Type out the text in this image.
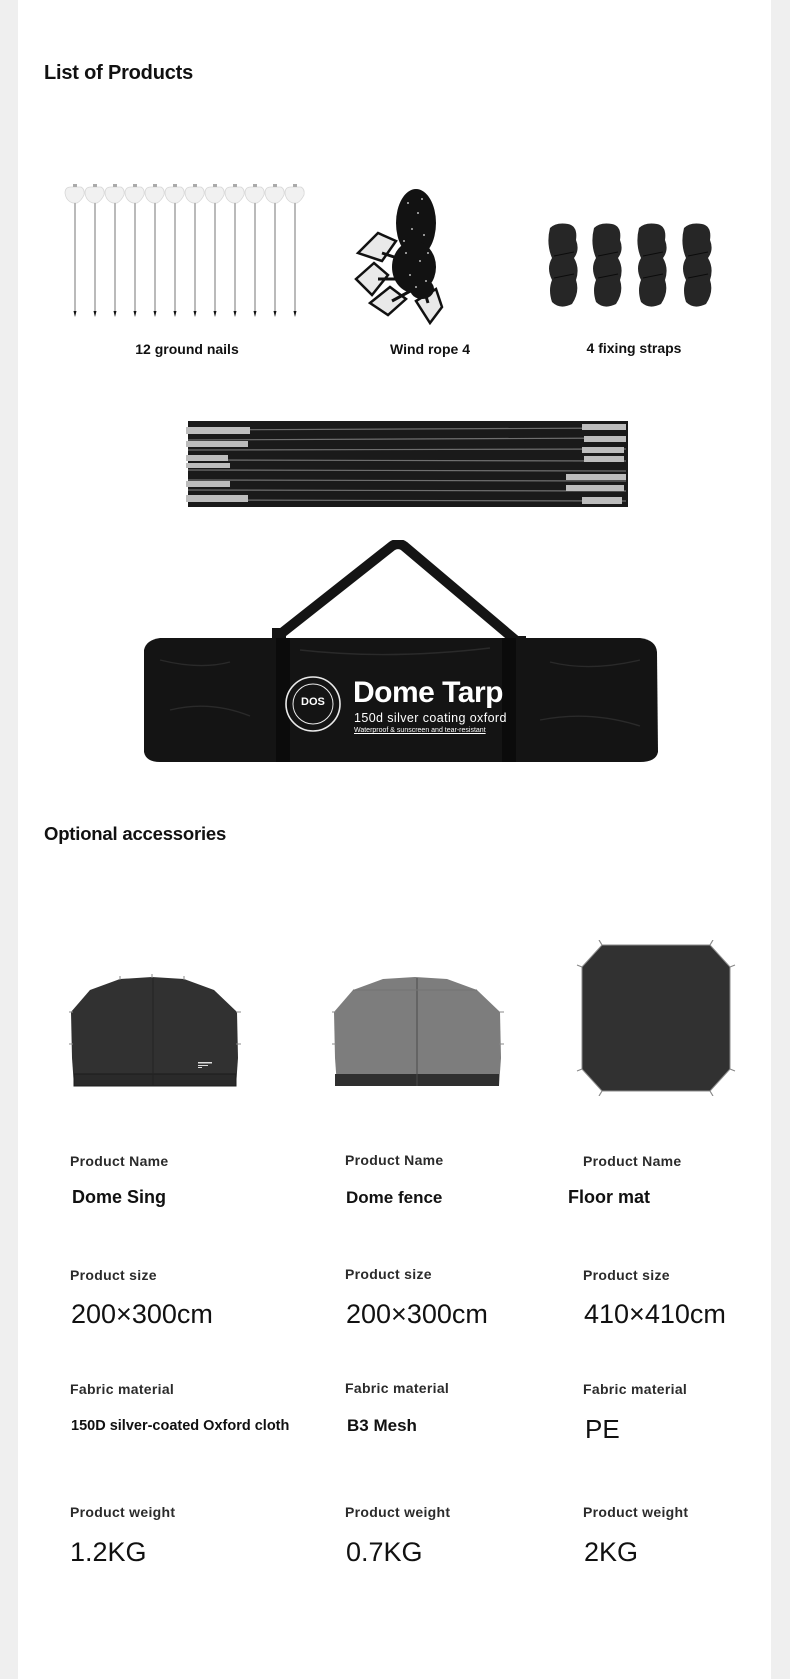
List of Products
12 ground nails	Wind rope 4	4 fixing straps
DOS Dome Tarp
150d silver coating oxford
Waterproof & sunscreen and tear-resistant
Optional accessories
Product Name
Dome Sing
Product size
200×300cm
Fabric material
150D silver-coated Oxford cloth
Product weight
1.2KG
Product Name
Dome fence
Product size
200×300cm
Fabric material
B3 Mesh
Product weight
0.7KG
Product Name
Floor mat
Product size
410×410cm
Fabric material
PE
Product weight
2KG
